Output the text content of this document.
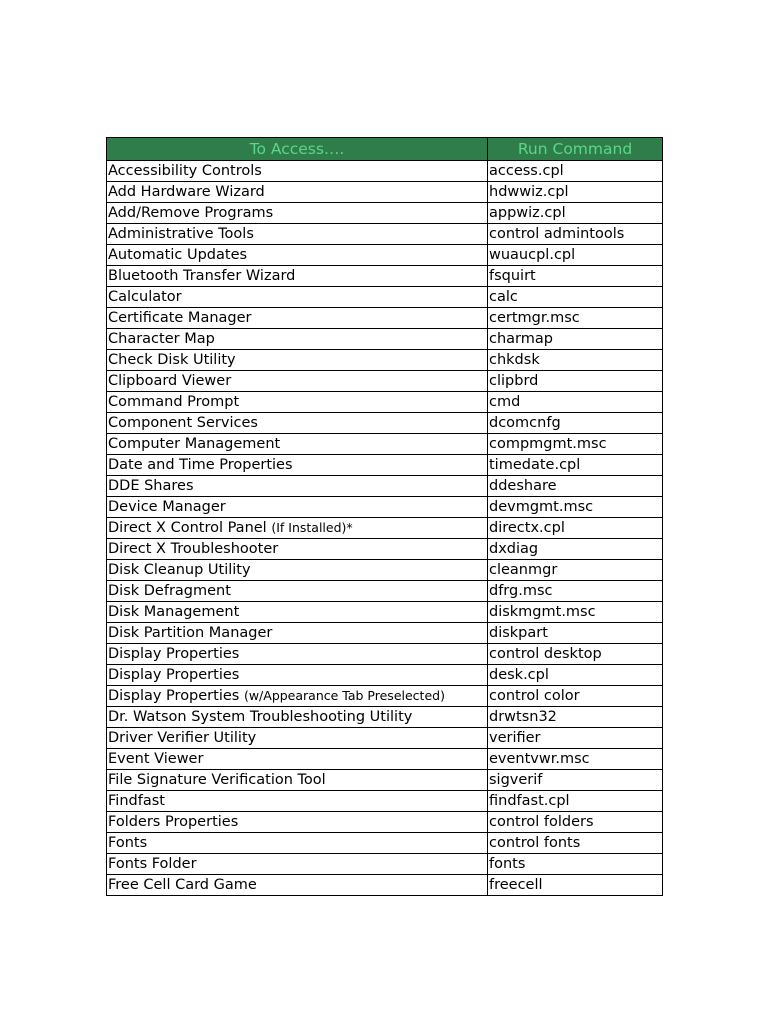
To Access….	Run Command
Accessibility Controls	access.cpl
Add Hardware Wizard	hdwwiz.cpl
Add/Remove Programs	appwiz.cpl
Administrative Tools	control admintools
Automatic Updates	wuaucpl.cpl
Bluetooth Transfer Wizard	fsquirt
Calculator	calc
Certificate Manager	certmgr.msc
Character Map	charmap
Check Disk Utility	chkdsk
Clipboard Viewer	clipbrd
Command Prompt	cmd
Component Services	dcomcnfg
Computer Management	compmgmt.msc
Date and Time Properties	timedate.cpl
DDE Shares	ddeshare
Device Manager	devmgmt.msc
Direct X Control Panel (If Installed)*	directx.cpl
Direct X Troubleshooter	dxdiag
Disk Cleanup Utility	cleanmgr
Disk Defragment	dfrg.msc
Disk Management	diskmgmt.msc
Disk Partition Manager	diskpart
Display Properties	control desktop
Display Properties	desk.cpl
Display Properties (w/Appearance Tab Preselected)	control color
Dr. Watson System Troubleshooting Utility	drwtsn32
Driver Verifier Utility	verifier
Event Viewer	eventvwr.msc
File Signature Verification Tool	sigverif
Findfast	findfast.cpl
Folders Properties	control folders
Fonts	control fonts
Fonts Folder	fonts
Free Cell Card Game	freecell
